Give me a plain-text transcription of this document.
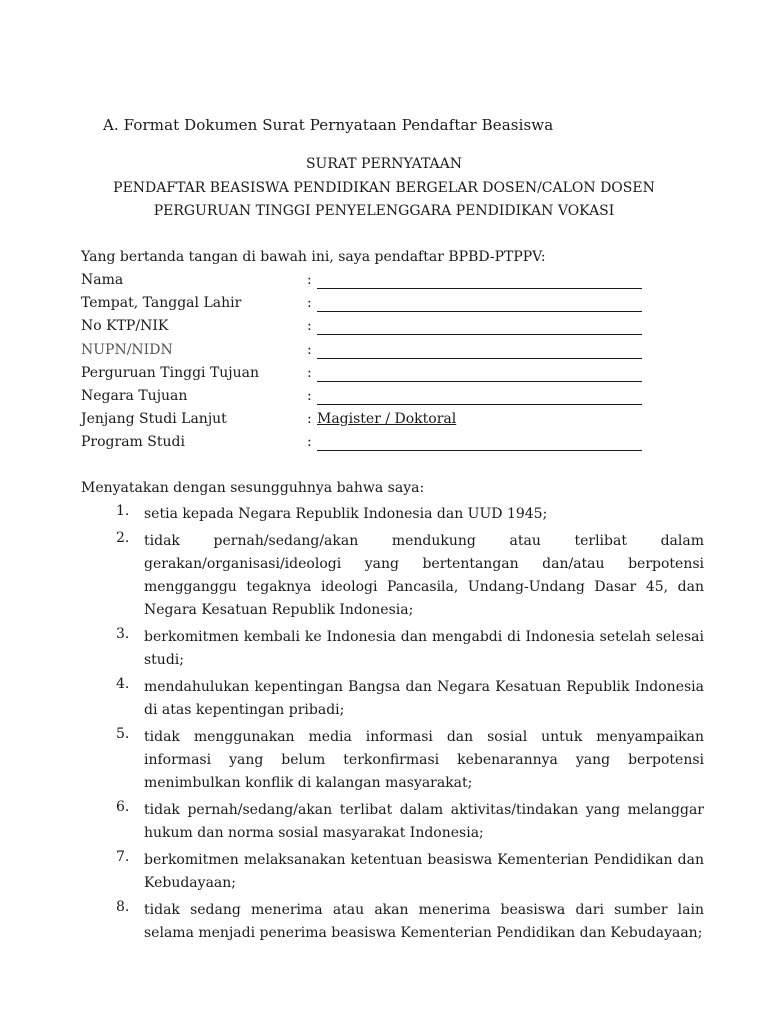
A. Format Dokumen Surat Pernyataan Pendaftar Beasiswa
SURAT PERNYATAAN
PENDAFTAR BEASISWA PENDIDIKAN BERGELAR DOSEN/CALON DOSEN
PERGURUAN TINGGI PENYELENGGARA PENDIDIKAN VOKASI
Yang bertanda tangan di bawah ini, saya pendaftar BPBD-PTPPV:
Nama	:
Tempat, Tanggal Lahir	:
No KTP/NIK	:
NUPN/NIDN	:
Perguruan Tinggi Tujuan	:
Negara Tujuan	:
Jenjang Studi Lanjut	: Magister / Doktoral
Program Studi	:
Menyatakan dengan sesungguhnya bahwa saya:
1. setia kepada Negara Republik Indonesia dan UUD 1945;
2. tidak pernah/sedang/akan mendukung atau terlibat dalam gerakan/organisasi/ideologi yang bertentangan dan/atau berpotensi mengganggu tegaknya ideologi Pancasila, Undang-Undang Dasar 45, dan Negara Kesatuan Republik Indonesia;
3. berkomitmen kembali ke Indonesia dan mengabdi di Indonesia setelah selesai studi;
4. mendahulukan kepentingan Bangsa dan Negara Kesatuan Republik Indonesia di atas kepentingan pribadi;
5. tidak menggunakan media informasi dan sosial untuk menyampaikan informasi yang belum terkonfirmasi kebenarannya yang berpotensi menimbulkan konflik di kalangan masyarakat;
6. tidak pernah/sedang/akan terlibat dalam aktivitas/tindakan yang melanggar hukum dan norma sosial masyarakat Indonesia;
7. berkomitmen melaksanakan ketentuan beasiswa Kementerian Pendidikan dan Kebudayaan;
8. tidak sedang menerima atau akan menerima beasiswa dari sumber lain selama menjadi penerima beasiswa Kementerian Pendidikan dan Kebudayaan;
